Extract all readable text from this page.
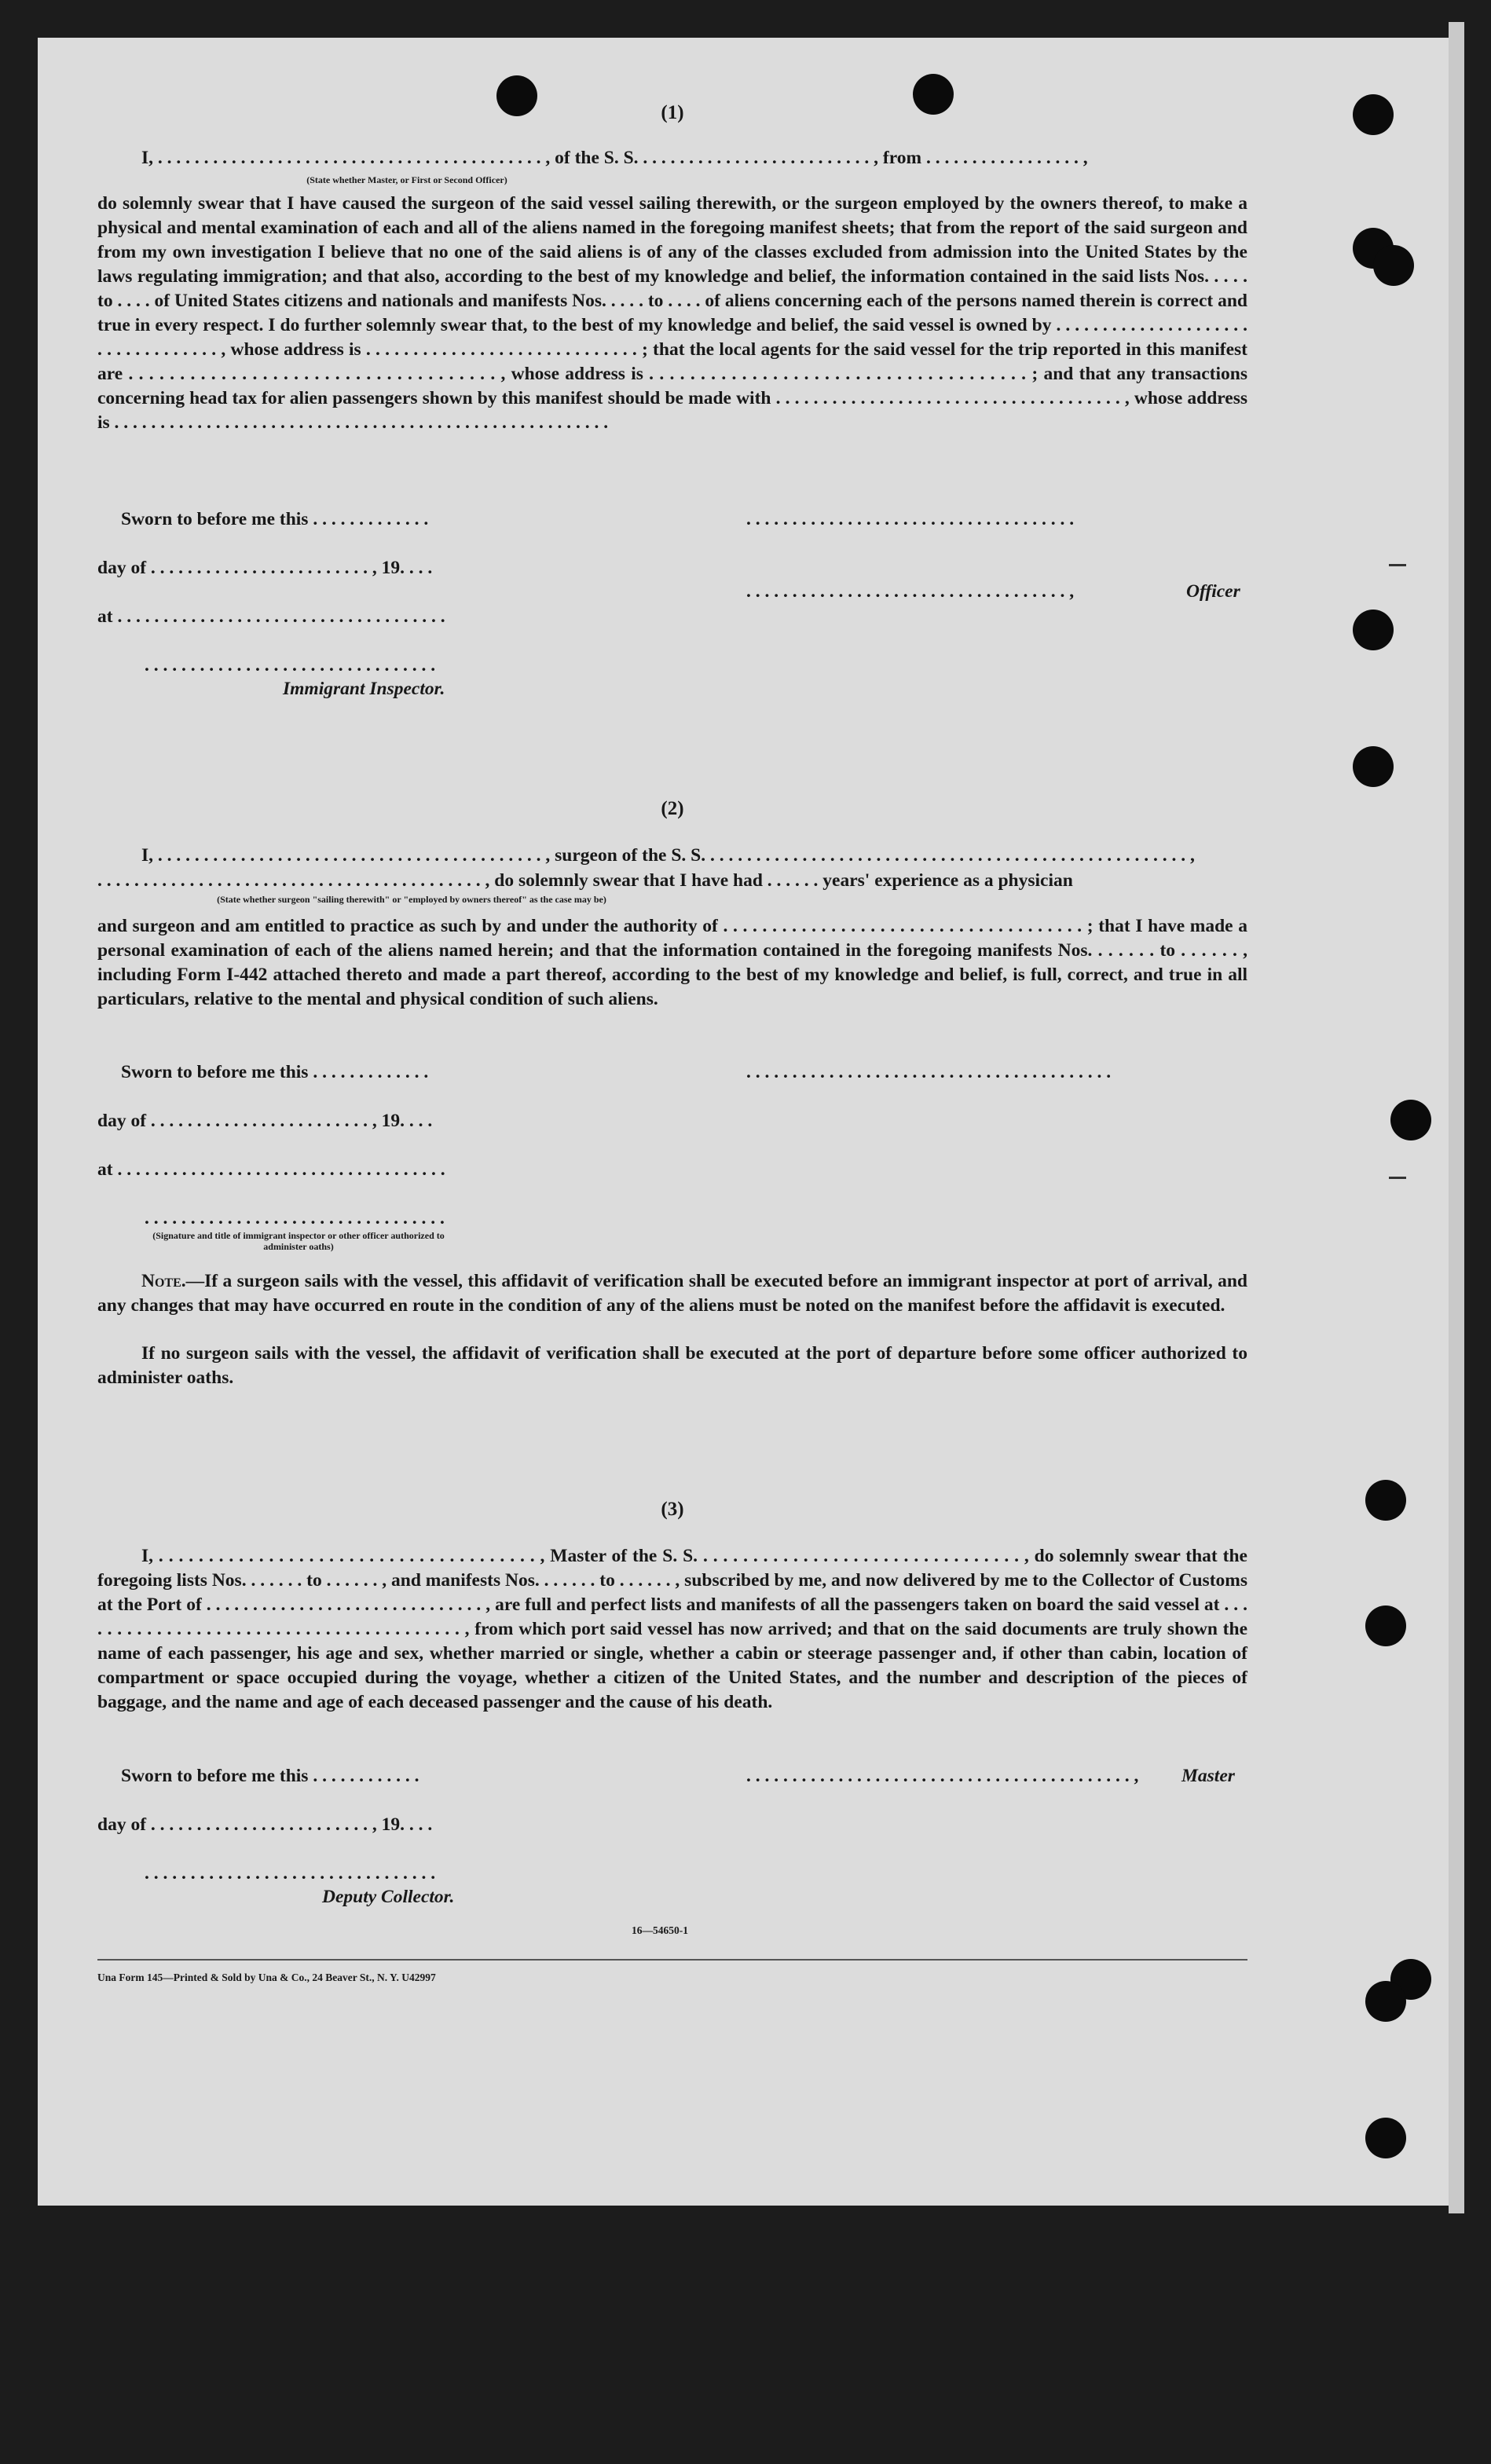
(1)
I, . . . . . . . . . . . . . . . . . . . . . . . . . . . . . . . . . . . . . . . . . . , of the S. S. . . . . . . . . . . . . . . . . . . . . . . . . . , from . . . . . . . . . . . . . . . . . ,
(State whether Master, or First or Second Officer)

do solemnly swear that I have caused the surgeon of the said vessel sailing therewith, or the surgeon employed by the owners thereof, to make a physical and mental examination of each and all of the aliens named in the foregoing manifest sheets; that from the report of the said surgeon and from my own investigation I believe that no one of the said aliens is of any of the classes excluded from admission into the United States by the laws regulating immigration; and that also, according to the best of my knowledge and belief, the information contained in the said lists Nos. . . . . to . . . . of United States citizens and nationals and manifests Nos. . . . . to . . . . of aliens concerning each of the persons named therein is correct and true in every respect. I do further solemnly swear that, to the best of my knowledge and belief, the said vessel is owned by . . . . . . . . . . . . . . . . . . . . . . . . . . . . . . . . . . , whose address is . . . . . . . . . . . . . . . . . . . . . . . . . . . . . ; that the local agents for the said vessel for the trip reported in this manifest are . . . . . . . . . . . . . . . . . . . . . . . . . . . . . . . . . . . . , whose address is . . . . . . . . . . . . . . . . . . . . . . . . . . . . . . . . . . . . . ; and that any transactions concerning head tax for alien passengers shown by this manifest should be made with . . . . . . . . . . . . . . . . . . . . . . . . . . . . . . . . . . . . . , whose address is . . . . . . . . . . . . . . . . . . . . . . . . . . . . . . . . . . . . . . . . . . . . . . . . . . . . . .

Sworn to before me this . . . . . . . . . . . . .	. . . . . . . . . . . . . . . . . . . . . . . . . . . . . . . . . . . .
day of . . . . . . . . . . . . . . . . . . . . . . . . , 19. . . .
. . . . . . . . . . . . . . . . . . . . . . . . . . . . . . . . . . . ,	Officer
at . . . . . . . . . . . . . . . . . . . . . . . . . . . . . . . . . . . .
. . . . . . . . . . . . . . . . . . . . . . . . . . . . . . . .
Immigrant Inspector.
(2)
I, . . . . . . . . . . . . . . . . . . . . . . . . . . . . . . . . . . . . . . . . . . , surgeon of the S. S. . . . . . . . . . . . . . . . . . . . . . . . . . . . . . . . . . . . . . . . . . . . . . . . . . . . . ,
. . . . . . . . . . . . . . . . . . . . . . . . . . . . . . . . . . . . . . . . . . , do solemnly swear that I have had . . . . . . years' experience as a physician
(State whether surgeon "sailing therewith" or "employed by owners thereof" as the case may be)

and surgeon and am entitled to practice as such by and under the authority of . . . . . . . . . . . . . . . . . . . . . . . . . . . . . . . . . . . . . ; that I have made a personal examination of each of the aliens named herein; and that the information contained in the foregoing manifests Nos. . . . . . . to . . . . . . , including Form I-442 attached thereto and made a part thereof, according to the best of my knowledge and belief, is full, correct, and true in all particulars, relative to the mental and physical condition of such aliens.

Sworn to before me this . . . . . . . . . . . . .	. . . . . . . . . . . . . . . . . . . . . . . . . . . . . . . . . . . . . . . .
day of . . . . . . . . . . . . . . . . . . . . . . . . , 19. . . .
at . . . . . . . . . . . . . . . . . . . . . . . . . . . . . . . . . . . .
. . . . . . . . . . . . . . . . . . . . . . . . . . . . . . . . .
(Signature and title of immigrant inspector or other officer authorized to administer oaths)

Note.—If a surgeon sails with the vessel, this affidavit of verification shall be executed before an immigrant inspector at port of arrival, and any changes that may have occurred en route in the condition of any of the aliens must be noted on the manifest before the affidavit is executed.

If no surgeon sails with the vessel, the affidavit of verification shall be executed at the port of departure before some officer authorized to administer oaths.

(3)

I, . . . . . . . . . . . . . . . . . . . . . . . . . . . . . . . . . . . . . . , Master of the S. S. . . . . . . . . . . . . . . . . . . . . . . . . . . . . . . . . , do solemnly swear that the foregoing lists Nos. . . . . . . to . . . . . . , and manifests Nos. . . . . . . to . . . . . . , subscribed by me, and now delivered by me to the Collector of Customs at the Port of . . . . . . . . . . . . . . . . . . . . . . . . . . . . . . , are full and perfect lists and manifests of all the passengers taken on board the said vessel at . . . . . . . . . . . . . . . . . . . . . . . . . . . . . . . . . . . . . . . . , from which port said vessel has now arrived; and that on the said documents are truly shown the name of each passenger, his age and sex, whether married or single, whether a cabin or steerage passenger and, if other than cabin, location of compartment or space occupied during the voyage, whether a citizen of the United States, and the number and description of the pieces of baggage, and the name and age of each deceased passenger and the cause of his death.

Sworn to before me this . . . . . . . . . . . .	. . . . . . . . . . . . . . . . . . . . . . . . . . . . . . . . . . . . . . . . . . , Master
day of . . . . . . . . . . . . . . . . . . . . . . . . , 19. . . .
. . . . . . . . . . . . . . . . . . . . . . . . . . . . . . . .
Deputy Collector.
16—54650-1
Una Form 145—Printed & Sold by Una & Co., 24 Beaver St., N. Y. U42997
